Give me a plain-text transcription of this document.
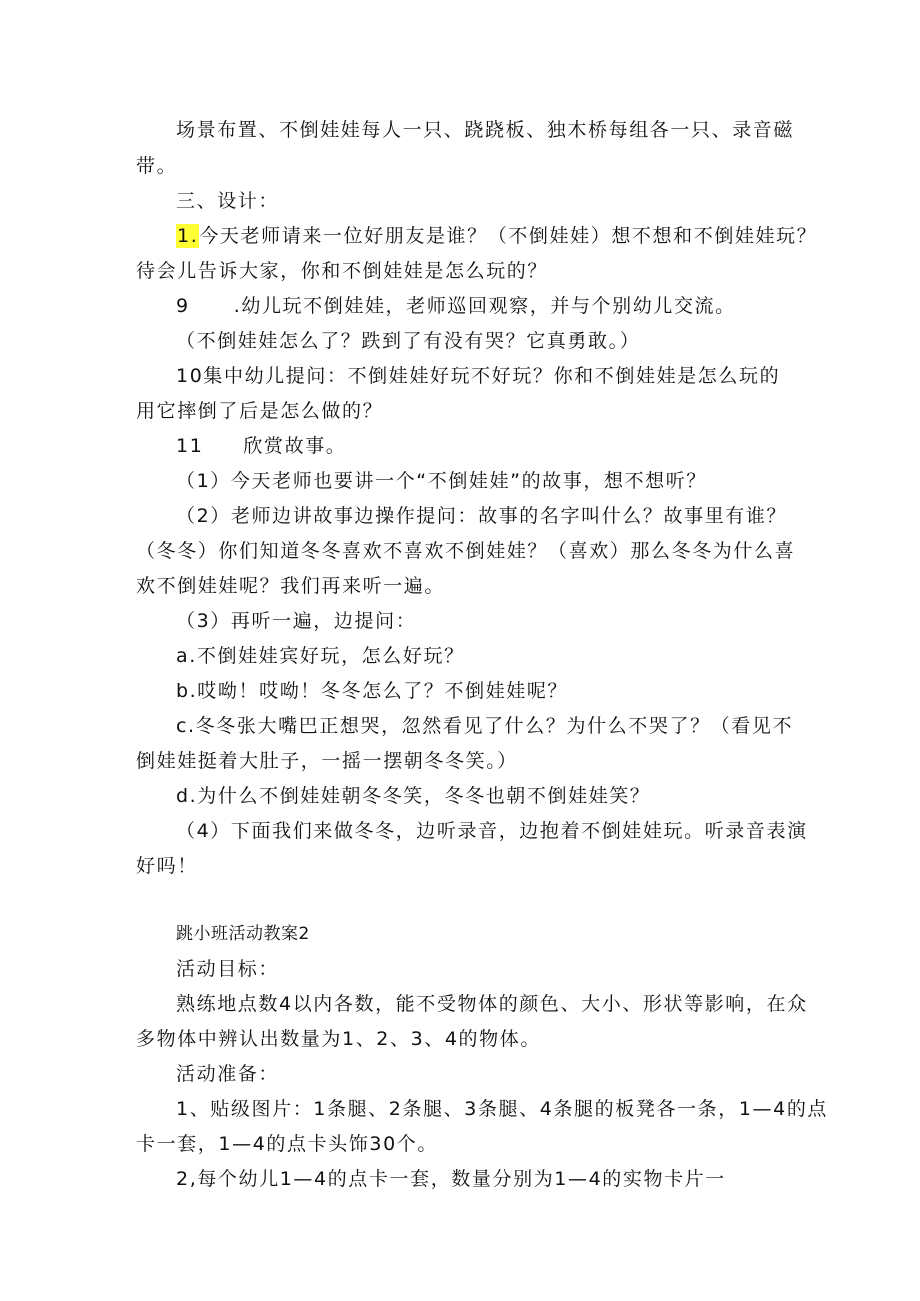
场景布置、不倒娃娃每人一只、跷跷板、独木桥每组各一只、录音磁
带。
三、设计：
1.今天老师请来一位好朋友是谁？（不倒娃娃）想不想和不倒娃娃玩？
待会儿告诉大家，你和不倒娃娃是怎么玩的？
9 .幼儿玩不倒娃娃，老师巡回观察，并与个别幼儿交流。
（不倒娃娃怎么了？跌到了有没有哭？它真勇敢。）
10集中幼儿提问：不倒娃娃好玩不好玩？你和不倒娃娃是怎么玩的
用它摔倒了后是怎么做的？
11 欣赏故事。
（1）今天老师也要讲一个“不倒娃娃”的故事，想不想听？
（2）老师边讲故事边操作提问：故事的名字叫什么？故事里有谁？
（冬冬）你们知道冬冬喜欢不喜欢不倒娃娃？（喜欢）那么冬冬为什么喜
欢不倒娃娃呢？我们再来听一遍。
（3）再听一遍，边提问：
a.不倒娃娃宾好玩，怎么好玩？
b.哎呦！哎呦！冬冬怎么了？不倒娃娃呢？
c.冬冬张大嘴巴正想哭，忽然看见了什么？为什么不哭了？（看见不
倒娃娃挺着大肚子，一摇一摆朝冬冬笑。）
d.为什么不倒娃娃朝冬冬笑，冬冬也朝不倒娃娃笑？
（4）下面我们来做冬冬，边听录音，边抱着不倒娃娃玩。听录音表演
好吗！
跳小班活动教案2
活动目标：
熟练地点数4以内各数，能不受物体的颜色、大小、形状等影响，在众
多物体中辨认出数量为1、2、3、4的物体。
活动准备：
1、贴级图片：1条腿、2条腿、3条腿、4条腿的板凳各一条，1—4的点
卡一套，1—4的点卡头饰30个。
2,每个幼儿1—4的点卡一套，数量分别为1—4的实物卡片一
